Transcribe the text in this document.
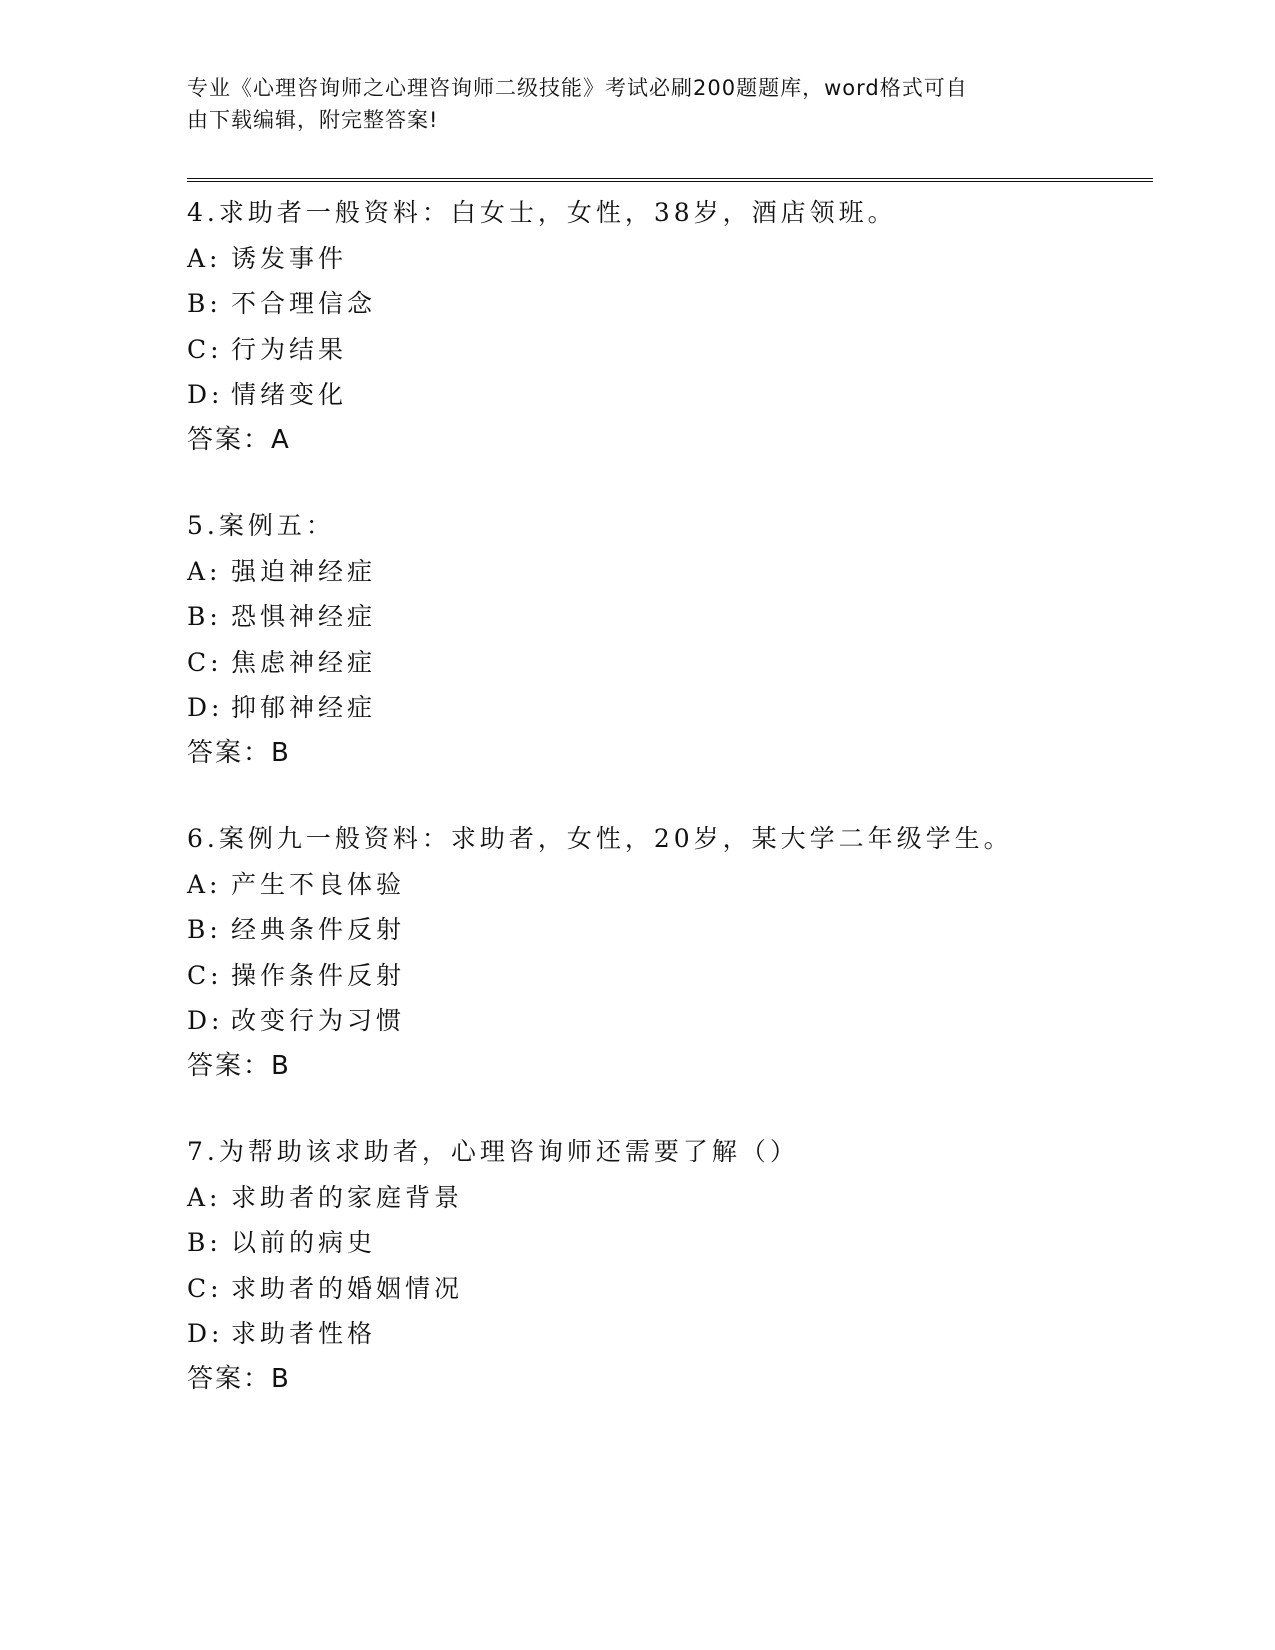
专业《心理咨询师之心理咨询师二级技能》考试必刷200题题库，word格式可自
由下载编辑，附完整答案!
4.求助者一般资料：白女士，女性，38岁，酒店领班。
A: 诱发事件
B: 不合理信念
C: 行为结果
D: 情绪变化
答案：A
5.案例五：
A: 强迫神经症
B: 恐惧神经症
C: 焦虑神经症
D: 抑郁神经症
答案：B
6.案例九一般资料：求助者，女性，20岁，某大学二年级学生。
A: 产生不良体验
B: 经典条件反射
C: 操作条件反射
D: 改变行为习惯
答案：B
7.为帮助该求助者，心理咨询师还需要了解（）
A: 求助者的家庭背景
B: 以前的病史
C: 求助者的婚姻情况
D: 求助者性格
答案：B
